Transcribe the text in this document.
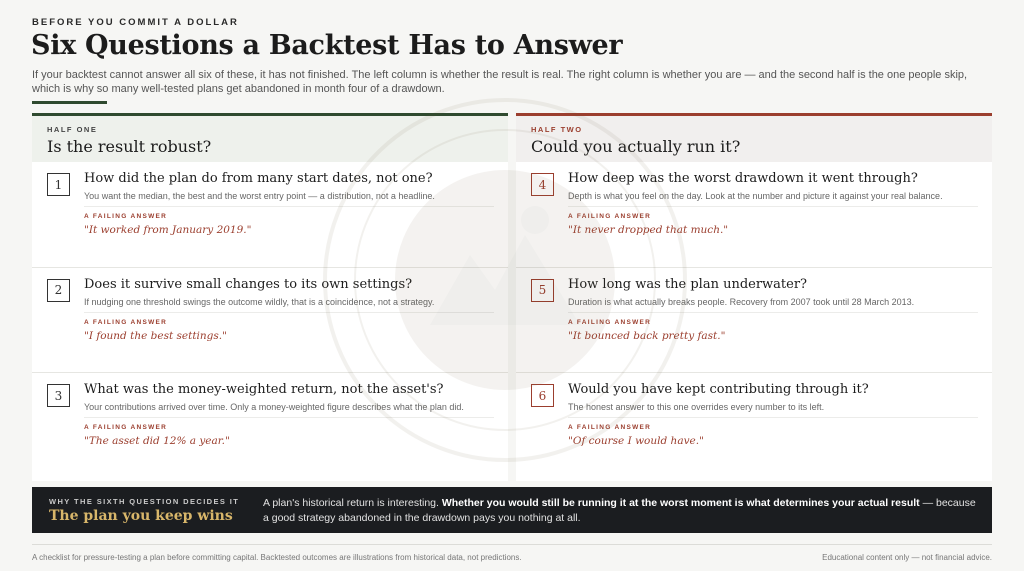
BEFORE YOU COMMIT A DOLLAR
Six Questions a Backtest Has to Answer

If your backtest cannot answer all six of these, it has not finished. The left column is whether the result is real. The right column is whether you are — and the second half is the one people skip, which is why so many well-tested plans get abandoned in month four of a drawdown.

HALF ONE
Is the result robust?
1	How did the plan do from many start dates, not one?
You want the median, the best and the worst entry point — a distribution, not a headline.
A FAILING ANSWER
"It worked from January 2019."
2	Does it survive small changes to its own settings?
If nudging one threshold swings the outcome wildly, that is a coincidence, not a strategy.
A FAILING ANSWER
"I found the best settings."
3	What was the money-weighted return, not the asset's?
Your contributions arrived over time. Only a money-weighted figure describes what the plan did.
A FAILING ANSWER
"The asset did 12% a year."
HALF TWO
Could you actually run it?
4	How deep was the worst drawdown it went through?
Depth is what you feel on the day. Look at the number and picture it against your real balance.
A FAILING ANSWER
"It never dropped that much."
5	How long was the plan underwater?
Duration is what actually breaks people. Recovery from 2007 took until 28 March 2013.
A FAILING ANSWER
"It bounced back pretty fast."
6	Would you have kept contributing through it?
The honest answer to this one overrides every number to its left.
A FAILING ANSWER
"Of course I would have."
WHY THE SIXTH QUESTION DECIDES IT
The plan you keep wins
A plan's historical return is interesting. Whether you would still be running it at the worst moment is what determines your actual result — because a good strategy abandoned in the drawdown pays you nothing at all.
A checklist for pressure-testing a plan before committing capital. Backtested outcomes are illustrations from historical data, not predictions.	Educational content only — not financial advice.
